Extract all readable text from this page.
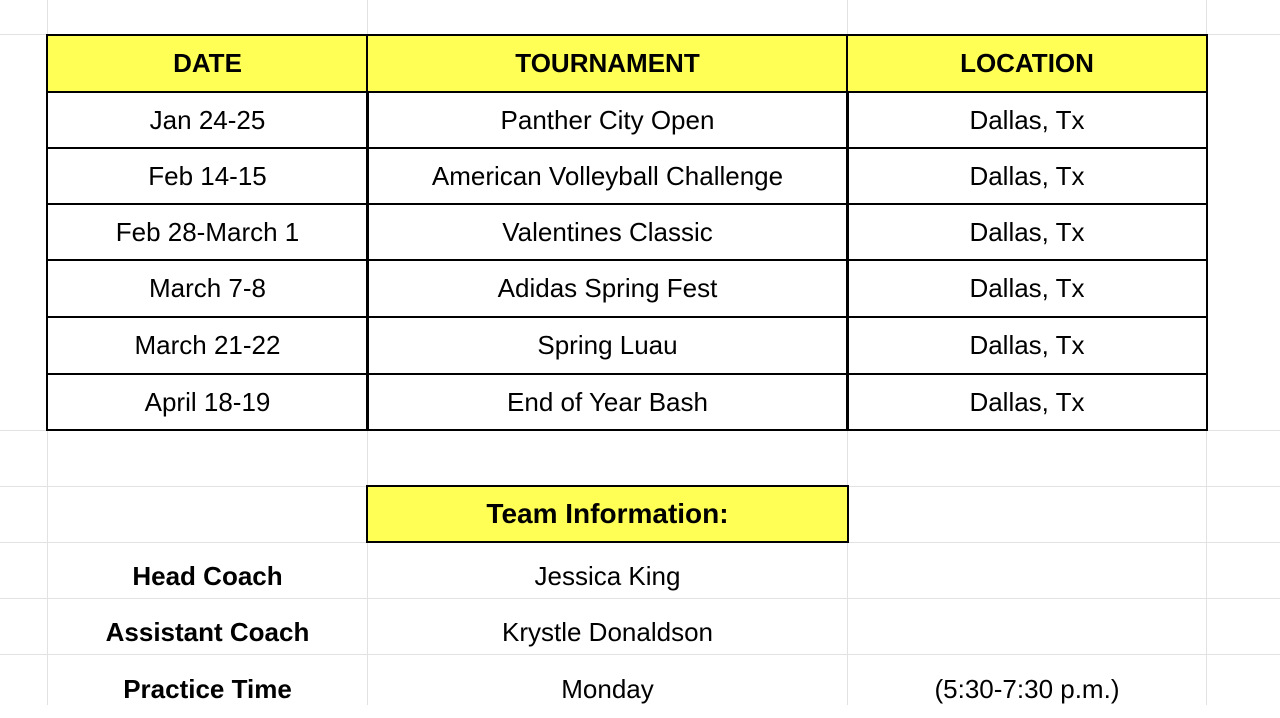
DATE	TOURNAMENT	LOCATION
Jan 24-25	Panther City Open	Dallas, Tx
Feb 14-15	American Volleyball Challenge	Dallas, Tx
Feb 28-March 1	Valentines Classic	Dallas, Tx
March 7-8	Adidas Spring Fest	Dallas, Tx
March 21-22	Spring Luau	Dallas, Tx
April 18-19	End of Year Bash	Dallas, Tx
Team Information:
Head Coach	Jessica King
Assistant Coach	Krystle Donaldson
Practice Time	Monday	(5:30-7:30 p.m.)
